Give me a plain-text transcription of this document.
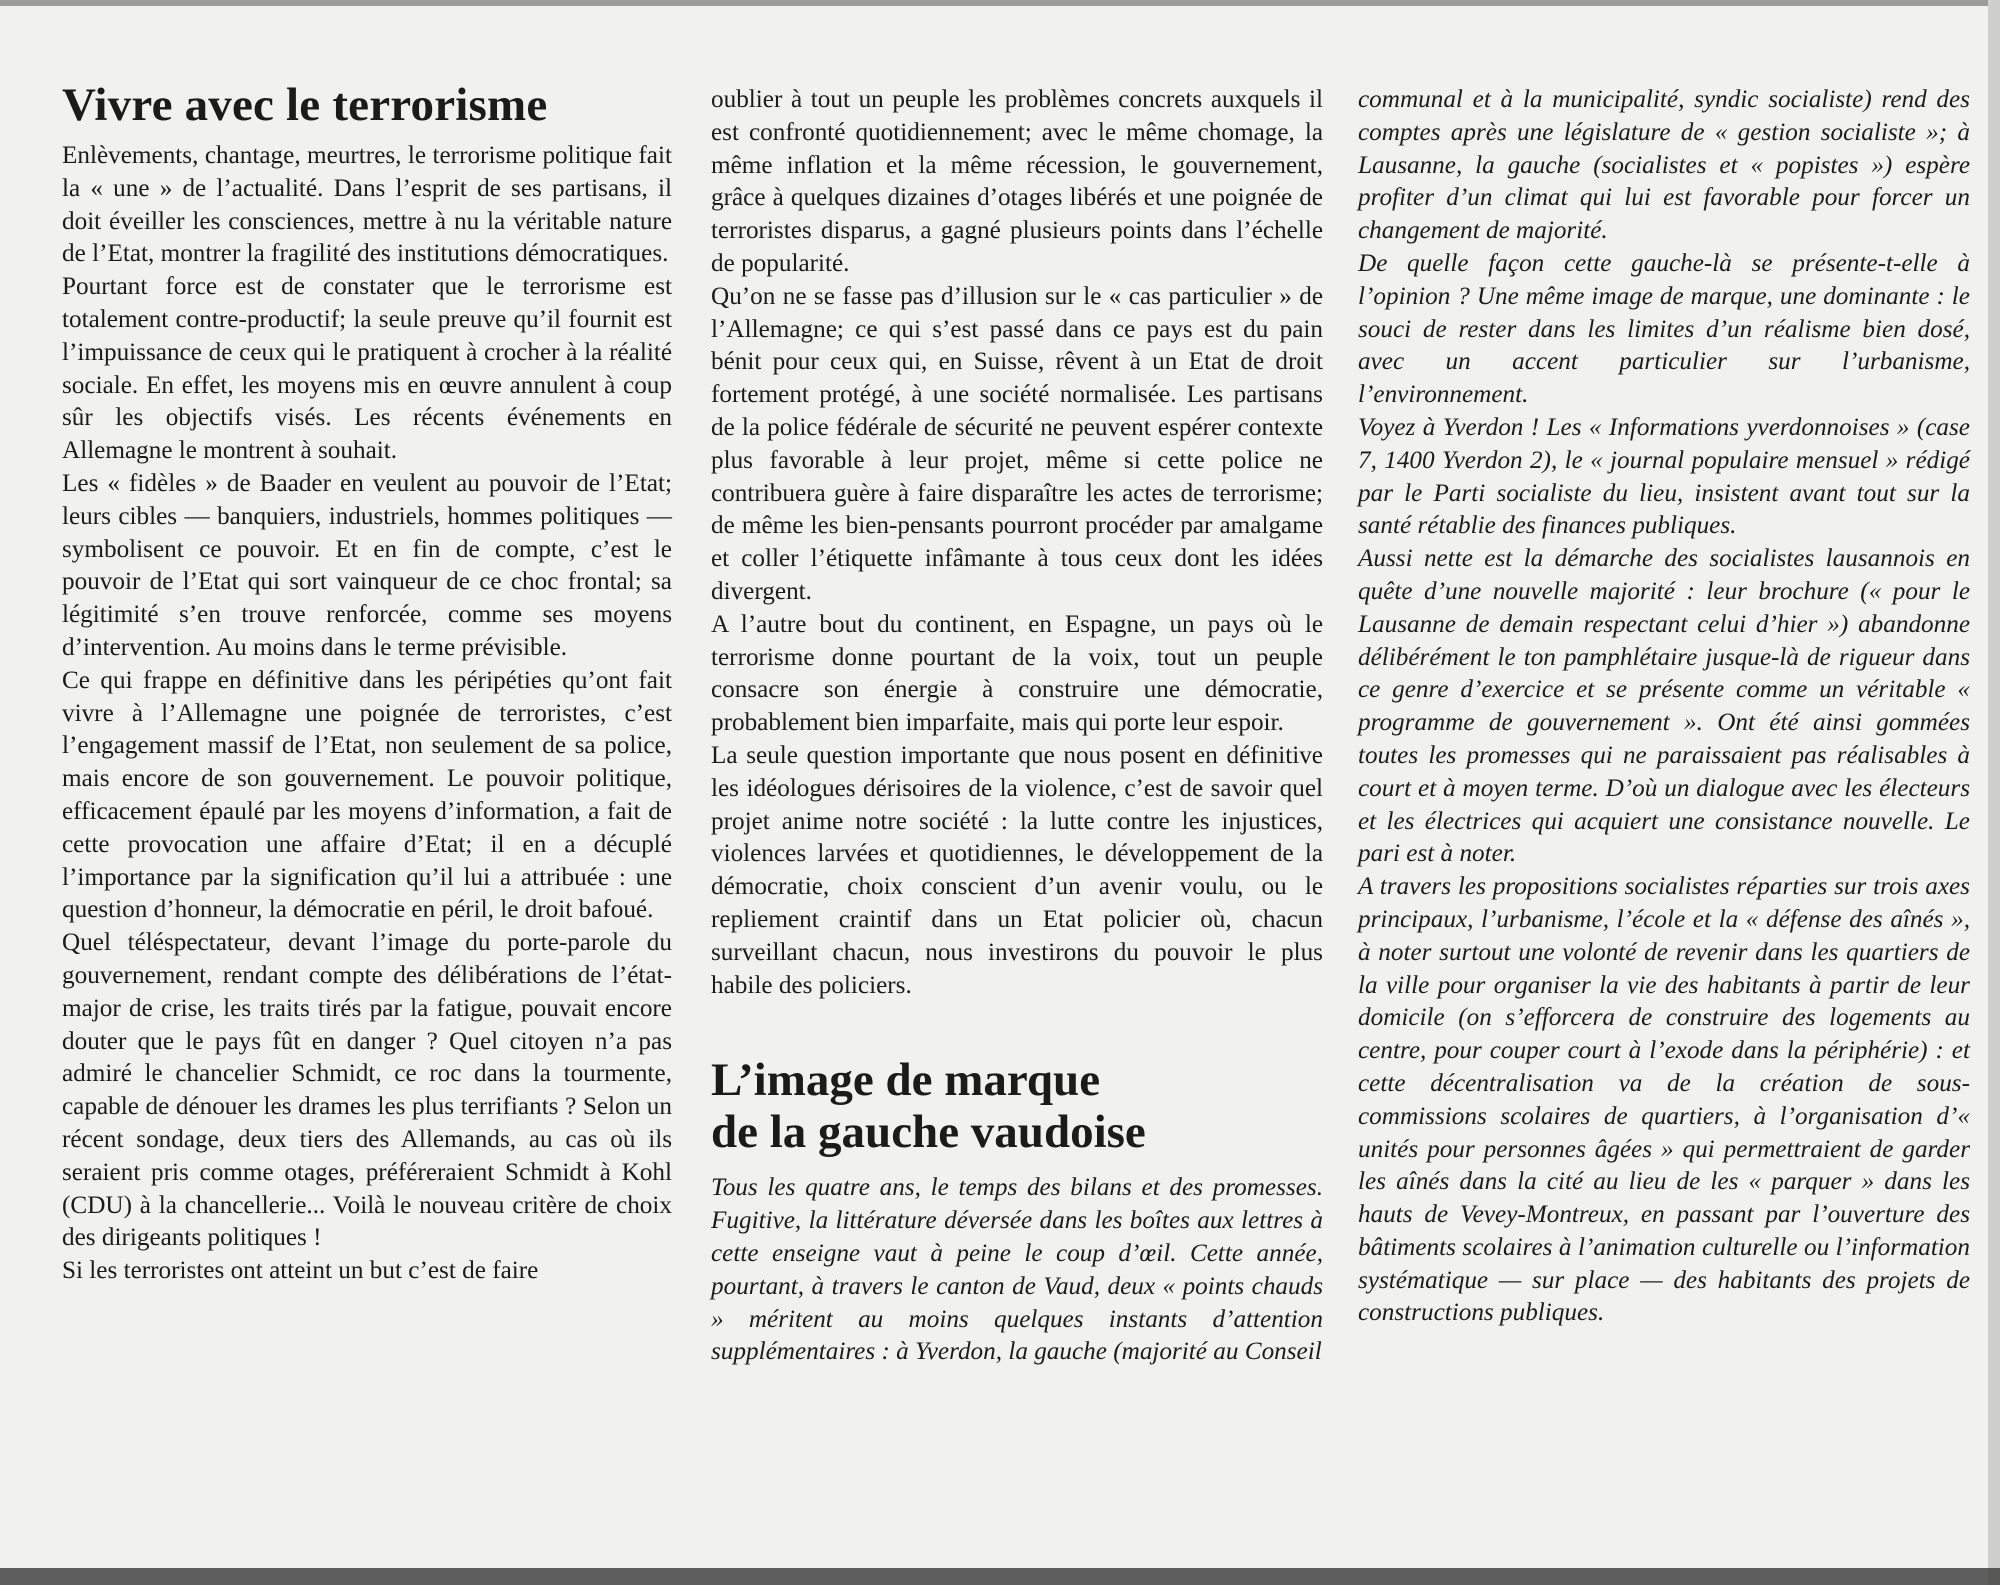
Vivre avec le terrorisme

Enlèvements, chantage, meurtres, le terrorisme politique fait la « une » de l’actualité. Dans l’esprit de ses partisans, il doit éveiller les consciences, mettre à nu la véritable nature de l’Etat, montrer la fragilité des institutions démocratiques.

Pourtant force est de constater que le terrorisme est totalement contre-productif; la seule preuve qu’il fournit est l’impuissance de ceux qui le pratiquent à crocher à la réalité sociale. En effet, les moyens mis en œuvre annulent à coup sûr les objectifs visés. Les récents événements en Allemagne le montrent à souhait.

Les « fidèles » de Baader en veulent au pouvoir de l’Etat; leurs cibles — banquiers, industriels, hommes politiques — symbolisent ce pouvoir. Et en fin de compte, c’est le pouvoir de l’Etat qui sort vainqueur de ce choc frontal; sa légitimité s’en trouve renforcée, comme ses moyens d’intervention. Au moins dans le terme prévisible.

Ce qui frappe en définitive dans les péripéties qu’ont fait vivre à l’Allemagne une poignée de terroristes, c’est l’engagement massif de l’Etat, non seulement de sa police, mais encore de son gouvernement. Le pouvoir politique, efficacement épaulé par les moyens d’information, a fait de cette provocation une affaire d’Etat; il en a décuplé l’importance par la signification qu’il lui a attribuée : une question d’honneur, la démocratie en péril, le droit bafoué.

Quel téléspectateur, devant l’image du porte-parole du gouvernement, rendant compte des délibérations de l’état-major de crise, les traits tirés par la fatigue, pouvait encore douter que le pays fût en danger ? Quel citoyen n’a pas admiré le chancelier Schmidt, ce roc dans la tourmente, capable de dénouer les drames les plus terrifiants ? Selon un récent sondage, deux tiers des Allemands, au cas où ils seraient pris comme otages, préféreraient Schmidt à Kohl (CDU) à la chancellerie... Voilà le nouveau critère de choix des dirigeants politiques !

Si les terroristes ont atteint un but c’est de faire

oublier à tout un peuple les problèmes concrets auxquels il est confronté quotidiennement; avec le même chomage, la même inflation et la même récession, le gouvernement, grâce à quelques dizaines d’otages libérés et une poignée de terroristes disparus, a gagné plusieurs points dans l’échelle de popularité.

Qu’on ne se fasse pas d’illusion sur le « cas particulier » de l’Allemagne; ce qui s’est passé dans ce pays est du pain bénit pour ceux qui, en Suisse, rêvent à un Etat de droit fortement protégé, à une société normalisée. Les partisans de la police fédérale de sécurité ne peuvent espérer contexte plus favorable à leur projet, même si cette police ne contribuera guère à faire disparaître les actes de terrorisme; de même les bien-pensants pourront procéder par amalgame et coller l’étiquette infâmante à tous ceux dont les idées divergent.

A l’autre bout du continent, en Espagne, un pays où le terrorisme donne pourtant de la voix, tout un peuple consacre son énergie à construire une démocratie, probablement bien imparfaite, mais qui porte leur espoir.

La seule question importante que nous posent en définitive les idéologues dérisoires de la violence, c’est de savoir quel projet anime notre société : la lutte contre les injustices, violences larvées et quotidiennes, le développement de la démocratie, choix conscient d’un avenir voulu, ou le repliement craintif dans un Etat policier où, chacun surveillant chacun, nous investirons du pouvoir le plus habile des policiers.

L’image de marque
de la gauche vaudoise

Tous les quatre ans, le temps des bilans et des promesses. Fugitive, la littérature déversée dans les boîtes aux lettres à cette enseigne vaut à peine le coup d’œil. Cette année, pourtant, à travers le canton de Vaud, deux « points chauds » méritent au moins quelques instants d’attention supplémentaires : à Yverdon, la gauche (majorité au Conseil

communal et à la municipalité, syndic socialiste) rend des comptes après une législature de « gestion socialiste »; à Lausanne, la gauche (socialistes et « popistes ») espère profiter d’un climat qui lui est favorable pour forcer un changement de majorité.

De quelle façon cette gauche-là se présente-t-elle à l’opinion ? Une même image de marque, une dominante : le souci de rester dans les limites d’un réalisme bien dosé, avec un accent particulier sur l’urbanisme, l’environnement.

Voyez à Yverdon ! Les « Informations yverdonnoises » (case 7, 1400 Yverdon 2), le « journal populaire mensuel » rédigé par le Parti socialiste du lieu, insistent avant tout sur la santé rétablie des finances publiques.

Aussi nette est la démarche des socialistes lausannois en quête d’une nouvelle majorité : leur brochure (« pour le Lausanne de demain respectant celui d’hier ») abandonne délibérément le ton pamphlétaire jusque-là de rigueur dans ce genre d’exercice et se présente comme un véritable « programme de gouvernement ». Ont été ainsi gommées toutes les promesses qui ne paraissaient pas réalisables à court et à moyen terme. D’où un dialogue avec les électeurs et les électrices qui acquiert une consistance nouvelle. Le pari est à noter.

A travers les propositions socialistes réparties sur trois axes principaux, l’urbanisme, l’école et la « défense des aînés », à noter surtout une volonté de revenir dans les quartiers de la ville pour organiser la vie des habitants à partir de leur domicile (on s’efforcera de construire des logements au centre, pour couper court à l’exode dans la périphérie) : et cette décentralisation va de la création de sous-commissions scolaires de quartiers, à l’organisation d’« unités pour personnes âgées » qui permettraient de garder les aînés dans la cité au lieu de les « parquer » dans les hauts de Vevey-Montreux, en passant par l’ouverture des bâtiments scolaires à l’animation culturelle ou l’information systématique — sur place — des habitants des projets de constructions publiques.
